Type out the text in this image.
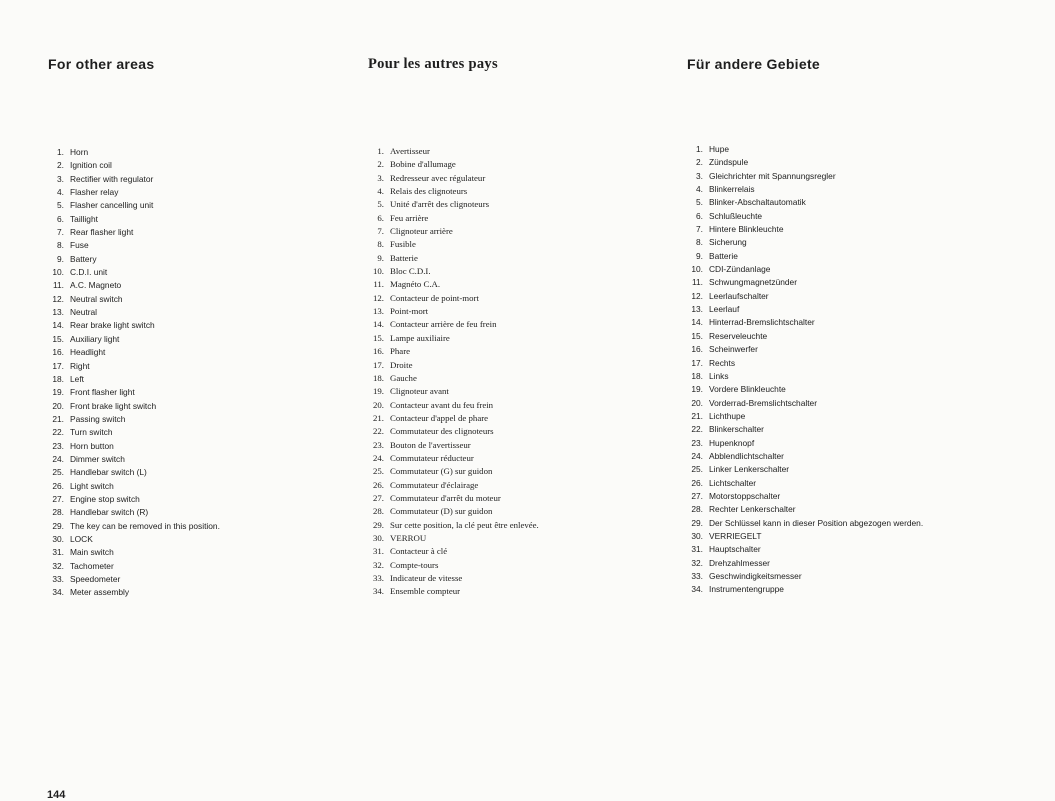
For other areas
1. Horn
2. Ignition coil
3. Rectifier with regulator
4. Flasher relay
5. Flasher cancelling unit
6. Taillight
7. Rear flasher light
8. Fuse
9. Battery
10. C.D.I. unit
11. A.C. Magneto
12. Neutral switch
13. Neutral
14. Rear brake light switch
15. Auxiliary light
16. Headlight
17. Right
18. Left
19. Front flasher light
20. Front brake light switch
21. Passing switch
22. Turn switch
23. Horn button
24. Dimmer switch
25. Handlebar switch (L)
26. Light switch
27. Engine stop switch
28. Handlebar switch (R)
29. The key can be removed in this position.
30. LOCK
31. Main switch
32. Tachometer
33. Speedometer
34. Meter assembly
Pour les autres pays
1. Avertisseur
2. Bobine d'allumage
3. Redresseur avec régulateur
4. Relais des clignoteurs
5. Unité d'arrêt des clignoteurs
6. Feu arrière
7. Clignoteur arrière
8. Fusible
9. Batterie
10. Bloc C.D.I.
11. Magnéto C.A.
12. Contacteur de point-mort
13. Point-mort
14. Contacteur arrière de feu frein
15. Lampe auxiliaire
16. Phare
17. Droite
18. Gauche
19. Clignoteur avant
20. Contacteur avant du feu frein
21. Contacteur d'appel de phare
22. Commutateur des clignoteurs
23. Bouton de l'avertisseur
24. Commutateur réducteur
25. Commutateur (G) sur guidon
26. Commutateur d'éclairage
27. Commutateur d'arrêt du moteur
28. Commutateur (D) sur guidon
29. Sur cette position, la clé peut être enlevée.
30. VERROU
31. Contacteur à clé
32. Compte-tours
33. Indicateur de vitesse
34. Ensemble compteur
Für andere Gebiete
1. Hupe
2. Zündspule
3. Gleichrichter mit Spannungsregler
4. Blinkerrelais
5. Blinker-Abschaltautomatik
6. Schlußleuchte
7. Hintere Blinkleuchte
8. Sicherung
9. Batterie
10. CDI-Zündanlage
11. Schwungmagnetzünder
12. Leerlaufschalter
13. Leerlauf
14. Hinterrad-Bremslichtschalter
15. Reserveleuchte
16. Scheinwerfer
17. Rechts
18. Links
19. Vordere Blinkleuchte
20. Vorderrad-Bremslichtschalter
21. Lichthupe
22. Blinkerschalter
23. Hupenknopf
24. Abblendlichtschalter
25. Linker Lenkerschalter
26. Lichtschalter
27. Motorstoppschalter
28. Rechter Lenkerschalter
29. Der Schlüssel kann in dieser Position abgezogen werden.
30. VERRIEGELT
31. Hauptschalter
32. Drehzahlmesser
33. Geschwindigkeitsmesser
34. Instrumentengruppe

144
